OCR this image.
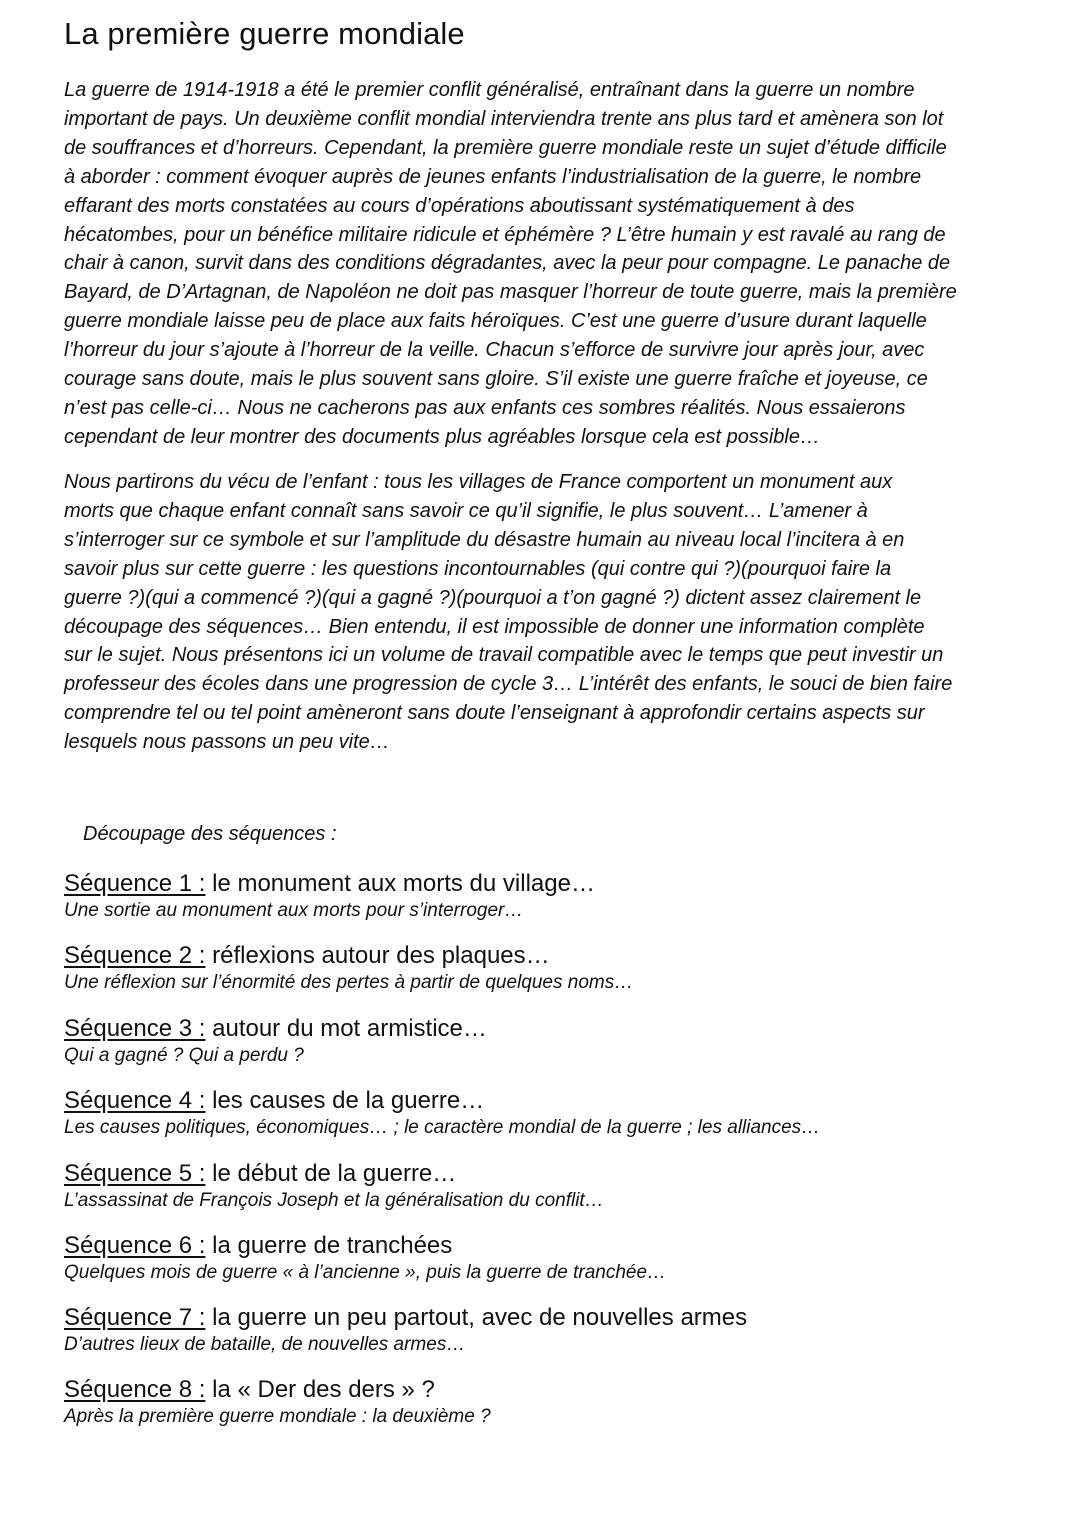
La première guerre mondiale

La guerre de 1914-1918 a été le premier conflit généralisé, entraînant dans la guerre un nombre
important de pays. Un deuxième conflit mondial interviendra trente ans plus tard et amènera son lot
de souffrances et d’horreurs. Cependant, la première guerre mondiale reste un sujet d’étude difficile
à aborder : comment évoquer auprès de jeunes enfants l’industrialisation de la guerre, le nombre
effarant des morts constatées au cours d’opérations aboutissant systématiquement à des
hécatombes, pour un bénéfice militaire ridicule et éphémère ? L’être humain y est ravalé au rang de
chair à canon, survit dans des conditions dégradantes, avec la peur pour compagne. Le panache de
Bayard, de D’Artagnan, de Napoléon ne doit pas masquer l’horreur de toute guerre, mais la première
guerre mondiale laisse peu de place aux faits héroïques. C’est une guerre d’usure durant laquelle
l’horreur du jour s’ajoute à l’horreur de la veille. Chacun s’efforce de survivre jour après jour, avec
courage sans doute, mais le plus souvent sans gloire. S’il existe une guerre fraîche et joyeuse, ce
n’est pas celle-ci… Nous ne cacherons pas aux enfants ces sombres réalités. Nous essaierons
cependant de leur montrer des documents plus agréables lorsque cela est possible…

Nous partirons du vécu de l’enfant : tous les villages de France comportent un monument aux
morts que chaque enfant connaît sans savoir ce qu’il signifie, le plus souvent… L’amener à
s’interroger sur ce symbole et sur l’amplitude du désastre humain au niveau local l’incitera à en
savoir plus sur cette guerre : les questions incontournables (qui contre qui ?)(pourquoi faire la
guerre ?)(qui a commencé ?)(qui a gagné ?)(pourquoi a t’on gagné ?) dictent assez clairement le
découpage des séquences… Bien entendu, il est impossible de donner une information complète
sur le sujet. Nous présentons ici un volume de travail compatible avec le temps que peut investir un
professeur des écoles dans une progression de cycle 3… L’intérêt des enfants, le souci de bien faire
comprendre tel ou tel point amèneront sans doute l’enseignant à approfondir certains aspects sur
lesquels nous passons un peu vite…

Découpage des séquences :

Séquence 1 : le monument aux morts du village…
Une sortie au monument aux morts pour s’interroger…
Séquence 2 : réflexions autour des plaques…
Une réflexion sur l’énormité des pertes à partir de quelques noms…
Séquence 3 : autour du mot armistice…
Qui a gagné ? Qui a perdu ?
Séquence 4 : les causes de la guerre…
Les causes politiques, économiques… ; le caractère mondial de la guerre ; les alliances…
Séquence 5 : le début de la guerre…
L’assassinat de François Joseph et la généralisation du conflit…
Séquence 6 : la guerre de tranchées
Quelques mois de guerre « à l’ancienne », puis la guerre de tranchée…
Séquence 7 : la guerre un peu partout, avec de nouvelles armes
D’autres lieux de bataille, de nouvelles armes…
Séquence 8 : la « Der des ders » ?
Après la première guerre mondiale : la deuxième ?
